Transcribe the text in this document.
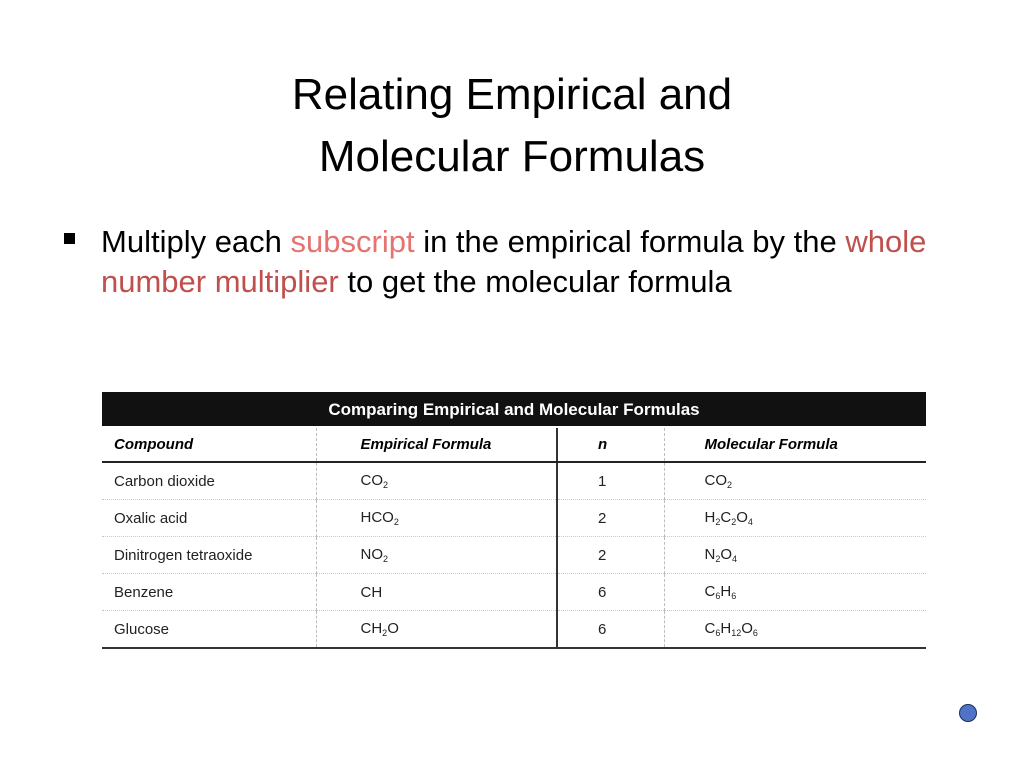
Relating Empirical and
Molecular Formulas
Multiply each subscript in the empirical formula by the whole number multiplier to get the molecular formula
Comparing Empirical and Molecular Formulas
Compound	Empirical Formula	n	Molecular Formula
Carbon dioxide	$CO_2$	1	$CO_2$
Oxalic acid	$HCO_2$	2	$H_2C_2O_4$
Dinitrogen tetraoxide	$NO_2$	2	$N_2O_4$
Benzene	CH	6	$C_6H_6$
Glucose	$CH_2O$	6	$C_6H_{12}O_6$
